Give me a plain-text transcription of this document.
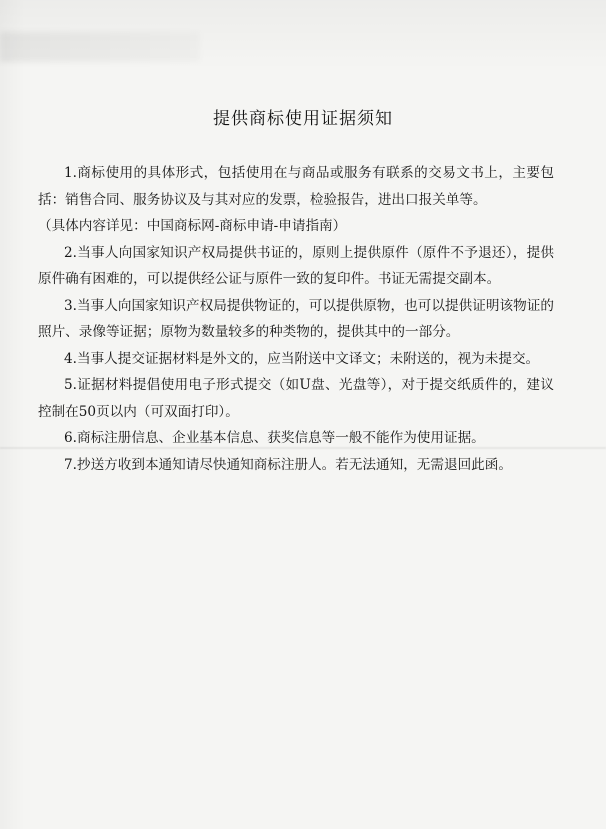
提供商标使用证据须知

1.商标使用的具体形式，包括使用在与商品或服务有联系的交易文书上，主要包括：销售合同、服务协议及与其对应的发票，检验报告，进出口报关单等。

（具体内容详见：中国商标网-商标申请-申请指南）

2.当事人向国家知识产权局提供书证的，原则上提供原件（原件不予退还），提供原件确有困难的，可以提供经公证与原件一致的复印件。书证无需提交副本。

3.当事人向国家知识产权局提供物证的，可以提供原物，也可以提供证明该物证的照片、录像等证据；原物为数量较多的种类物的，提供其中的一部分。

4.当事人提交证据材料是外文的，应当附送中文译文；未附送的，视为未提交。

5.证据材料提倡使用电子形式提交（如U盘、光盘等），对于提交纸质件的，建议控制在50页以内（可双面打印）。

6.商标注册信息、企业基本信息、获奖信息等一般不能作为使用证据。

7.抄送方收到本通知请尽快通知商标注册人。若无法通知，无需退回此函。
